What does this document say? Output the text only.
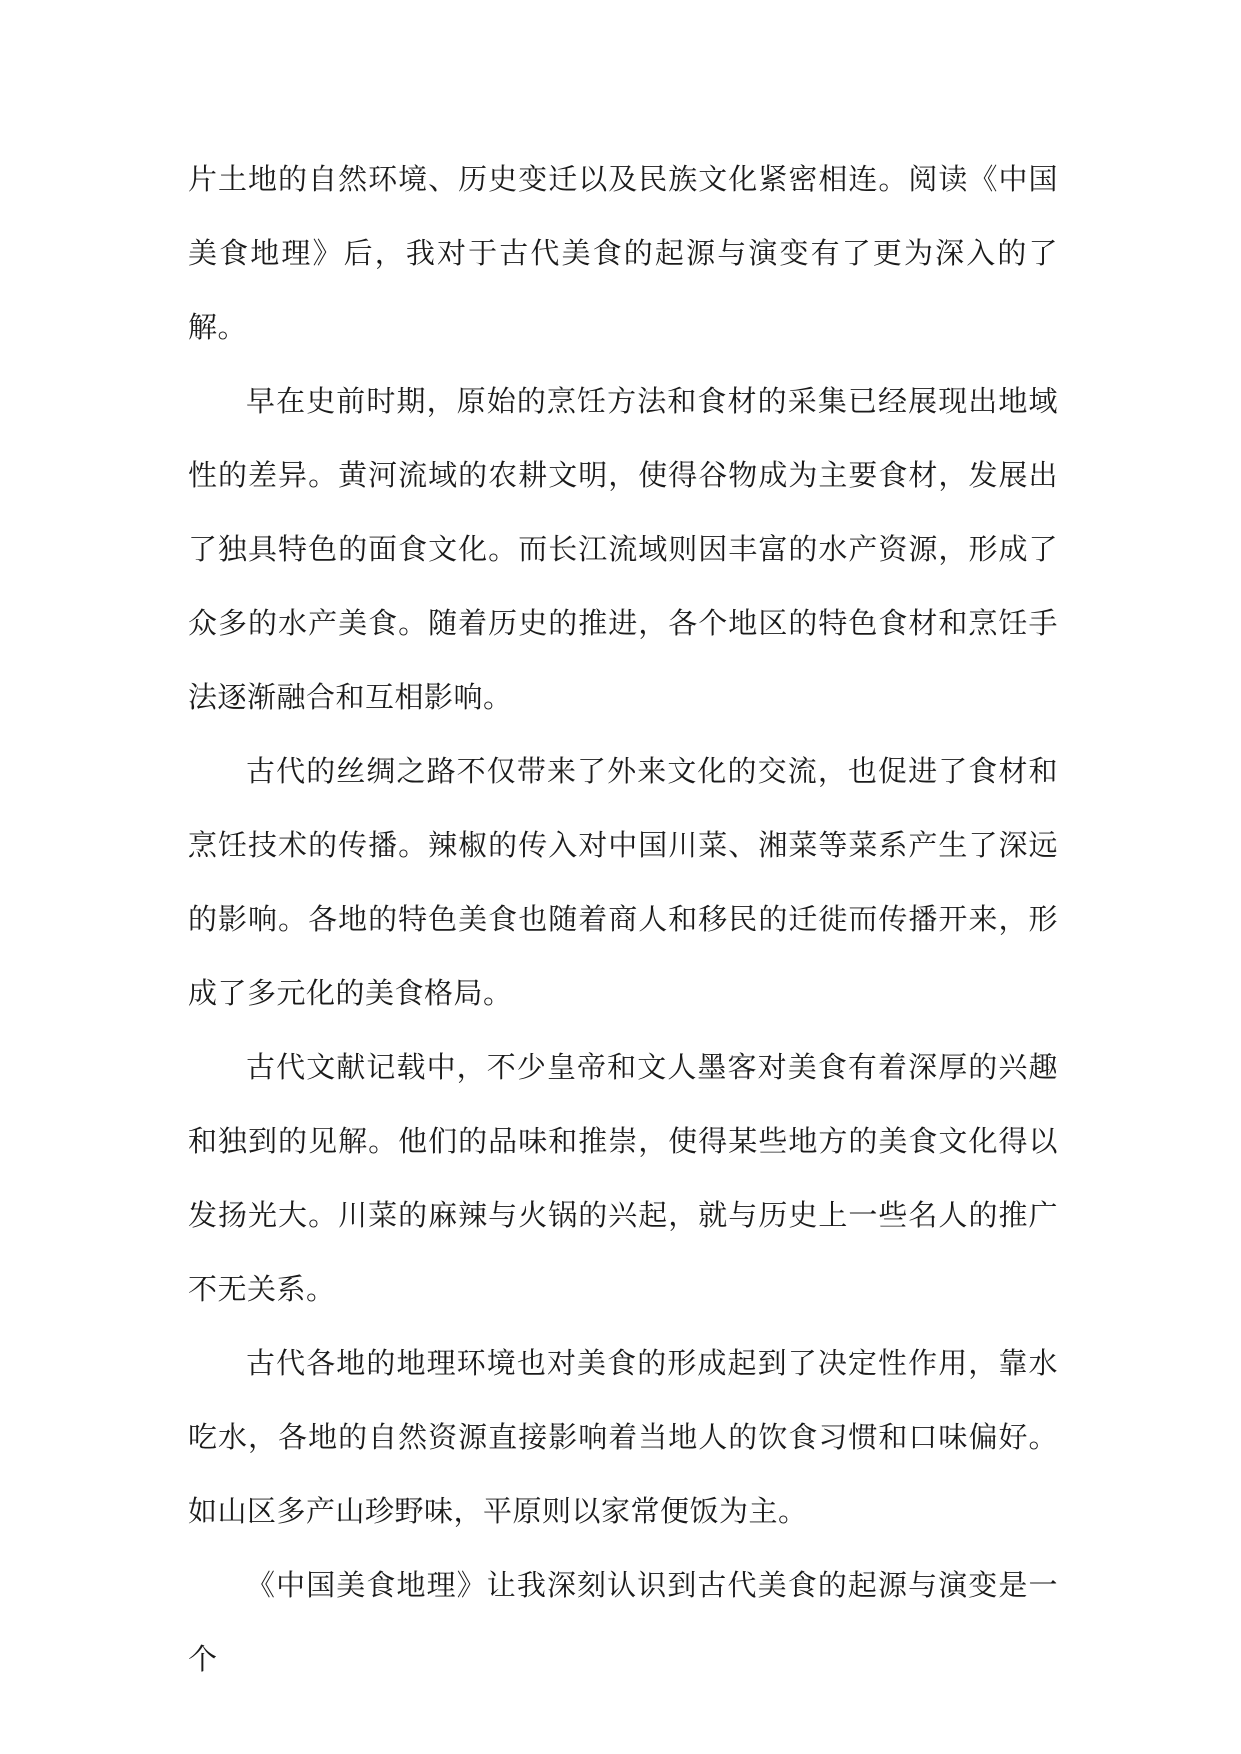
片土地的自然环境、历史变迁以及民族文化紧密相连。阅读《中国美食地理》后，我对于古代美食的起源与演变有了更为深入的了解。

早在史前时期，原始的烹饪方法和食材的采集已经展现出地域性的差异。黄河流域的农耕文明，使得谷物成为主要食材，发展出了独具特色的面食文化。而长江流域则因丰富的水产资源，形成了众多的水产美食。随着历史的推进，各个地区的特色食材和烹饪手法逐渐融合和互相影响。

古代的丝绸之路不仅带来了外来文化的交流，也促进了食材和烹饪技术的传播。辣椒的传入对中国川菜、湘菜等菜系产生了深远的影响。各地的特色美食也随着商人和移民的迁徙而传播开来，形成了多元化的美食格局。

古代文献记载中，不少皇帝和文人墨客对美食有着深厚的兴趣和独到的见解。他们的品味和推崇，使得某些地方的美食文化得以发扬光大。川菜的麻辣与火锅的兴起，就与历史上一些名人的推广不无关系。

古代各地的地理环境也对美食的形成起到了决定性作用，靠水吃水，各地的自然资源直接影响着当地人的饮食习惯和口味偏好。如山区多产山珍野味，平原则以家常便饭为主。

《中国美食地理》让我深刻认识到古代美食的起源与演变是一个
